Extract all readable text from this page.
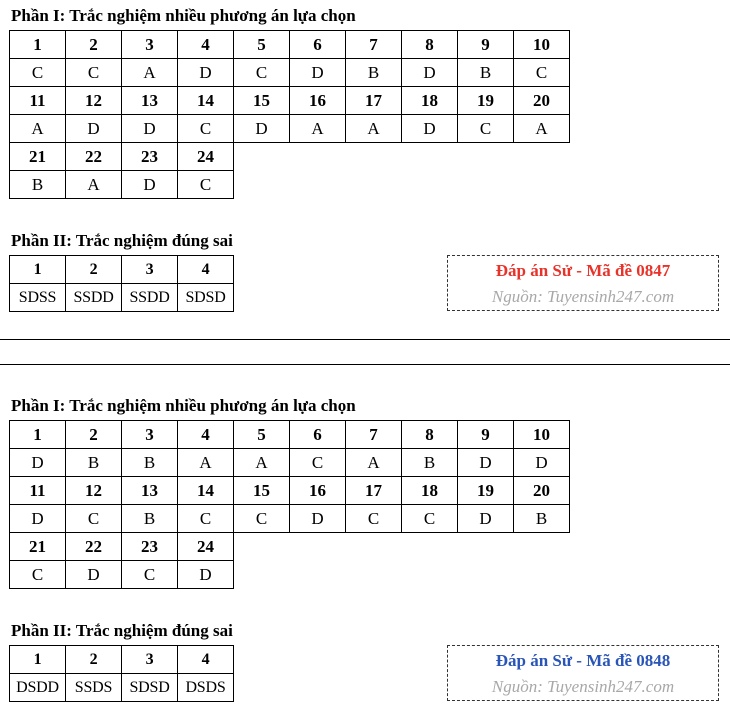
Phần I: Trắc nghiệm nhiều phương án lựa chọn
1	2	3	4	5	6	7	8	9	10
C	C	A	D	C	D	B	D	B	C
11	12	13	14	15	16	17	18	19	20
A	D	D	C	D	A	A	D	C	A
21	22	23	24						
B	A	D	C						
Phần II: Trắc nghiệm đúng sai
1	2	3	4
SDSS	SSDD	SSDD	SDSD
Đáp án Sử - Mã đề 0847
Nguồn: Tuyensinh247.com
Phần I: Trắc nghiệm nhiều phương án lựa chọn
1	2	3	4	5	6	7	8	9	10
D	B	B	A	A	C	A	B	D	D
11	12	13	14	15	16	17	18	19	20
D	C	B	C	C	D	C	C	D	B
21	22	23	24						
C	D	C	D						
Phần II: Trắc nghiệm đúng sai
1	2	3	4
DSDD	SSDS	SDSD	DSDS
Đáp án Sử - Mã đề 0848
Nguồn: Tuyensinh247.com
